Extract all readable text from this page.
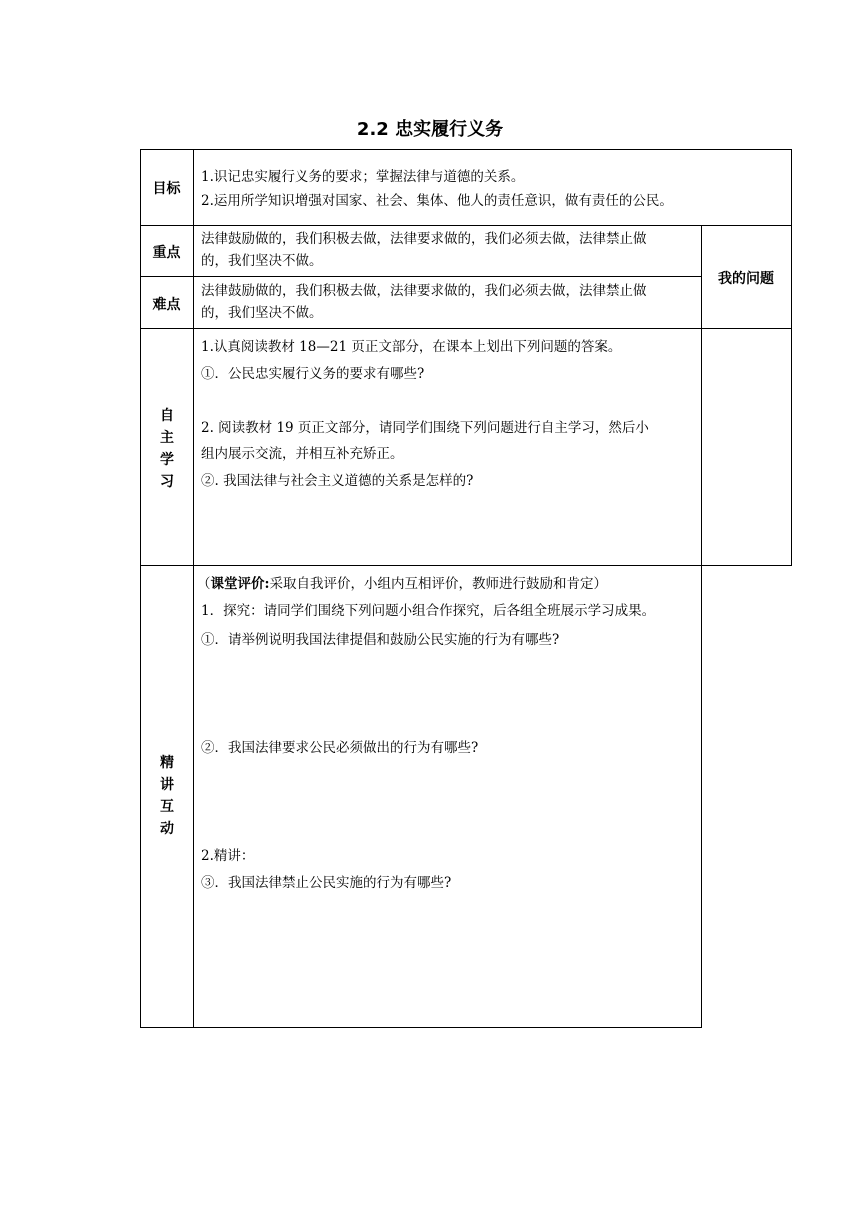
2.2 忠实履行义务
目标
1.识记忠实履行义务的要求；掌握法律与道德的关系。
2.运用所学知识增强对国家、社会、集体、他人的责任意识，做有责任的公民。
重点
法律鼓励做的，我们积极去做，法律要求做的，我们必须去做，法律禁止做
的，我们坚决不做。
我的问题
难点
法律鼓励做的，我们积极去做，法律要求做的，我们必须去做，法律禁止做
的，我们坚决不做。
自
主
学
习
1.认真阅读教材 18—21 页正文部分，在课本上划出下列问题的答案。
①．公民忠实履行义务的要求有哪些?
2. 阅读教材 19 页正文部分，请同学们围绕下列问题进行自主学习，然后小
组内展示交流，并相互补充矫正。
②. 我国法律与社会主义道德的关系是怎样的?
精
讲
互
动
（课堂评价:采取自我评价，小组内互相评价，教师进行鼓励和肯定）
1．探究：请同学们围绕下列问题小组合作探究，后各组全班展示学习成果。
①．请举例说明我国法律提倡和鼓励公民实施的行为有哪些?
②．我国法律要求公民必须做出的行为有哪些?
2.精讲：
③．我国法律禁止公民实施的行为有哪些?
